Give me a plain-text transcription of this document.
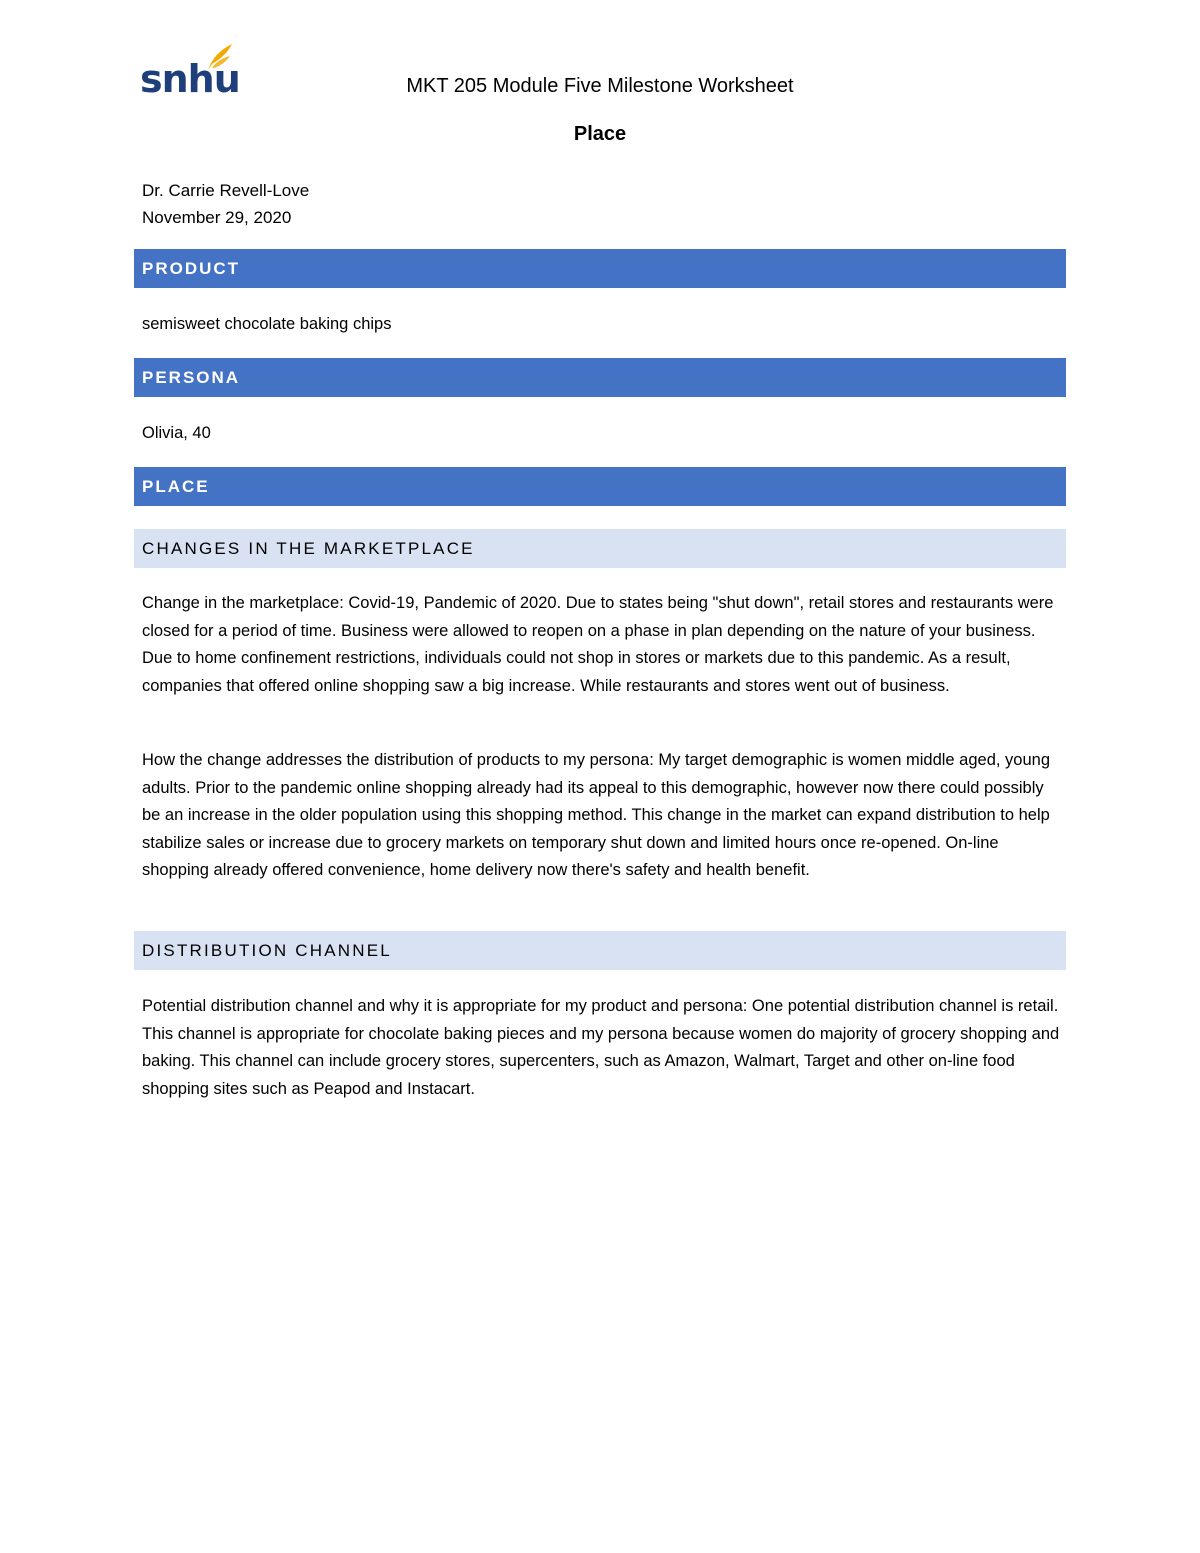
snhu	MKT 205 Module Five Milestone Worksheet
Place
Dr. Carrie Revell-Love
November 29, 2020
PRODUCT
semisweet chocolate baking chips
PERSONA
Olivia, 40
PLACE
CHANGES IN THE MARKETPLACE
Change in the marketplace: Covid-19, Pandemic of 2020. Due to states being "shut down", retail stores and restaurants were closed for a period of time. Business were allowed to reopen on a phase in plan depending on the nature of your business. Due to home confinement restrictions, individuals could not shop in stores or markets due to this pandemic. As a result, companies that offered online shopping saw a big increase. While restaurants and stores went out of business.
How the change addresses the distribution of products to my persona: My target demographic is women middle aged, young adults. Prior to the pandemic online shopping already had its appeal to this demographic, however now there could possibly be an increase in the older population using this shopping method. This change in the market can expand distribution to help stabilize sales or increase due to grocery markets on temporary shut down and limited hours once re-opened. On-line shopping already offered convenience, home delivery now there's safety and health benefit.
DISTRIBUTION CHANNEL
Potential distribution channel and why it is appropriate for my product and persona: One potential distribution channel is retail. This channel is appropriate for chocolate baking pieces and my persona because women do majority of grocery shopping and baking. This channel can include grocery stores, supercenters, such as Amazon, Walmart, Target and other on-line food shopping sites such as Peapod and Instacart.
